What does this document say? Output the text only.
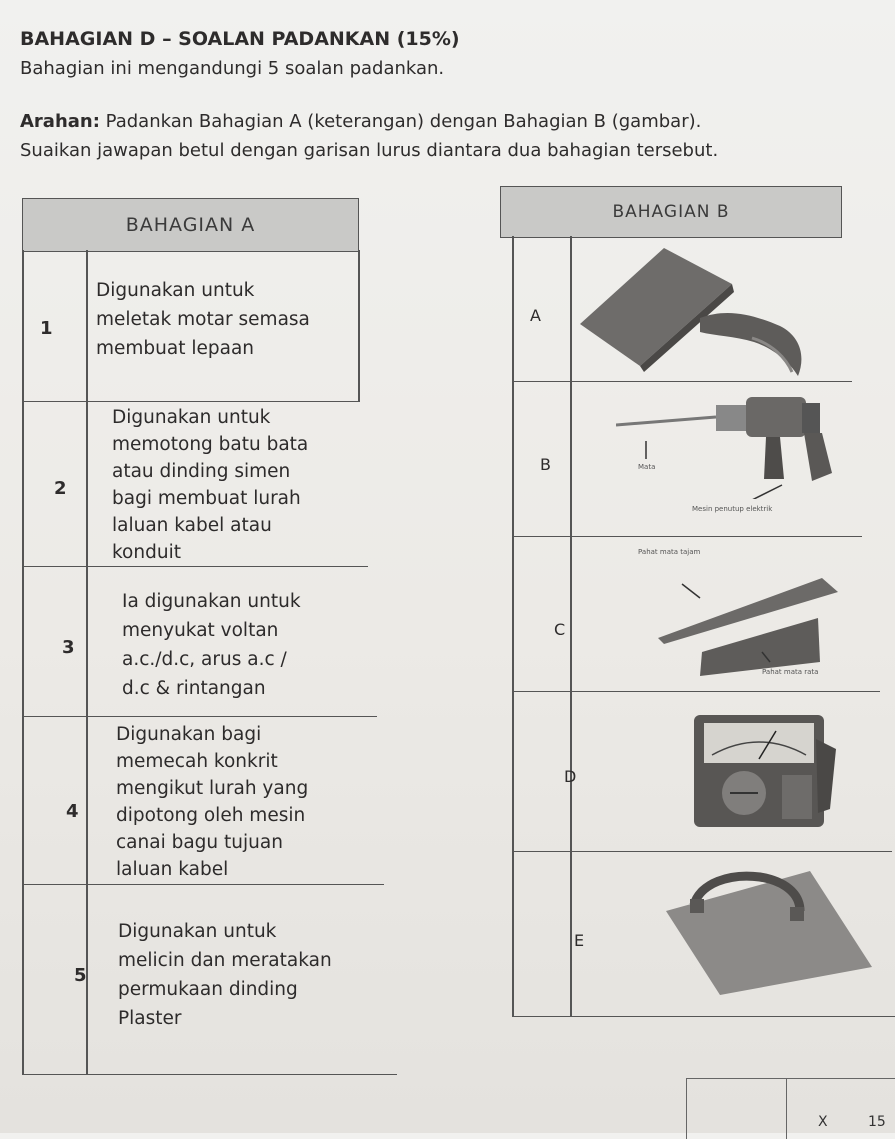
BAHAGIAN D – SOALAN PADANKAN (15%)
Bahagian ini mengandungi 5 soalan padankan.
Arahan: Padankan Bahagian A (keterangan) dengan Bahagian B (gambar).
Suaikan jawapan betul dengan garisan lurus diantara dua bahagian tersebut.
BAHAGIAN A
1
Digunakan untuk
meletak motar semasa
membuat lepaan
2
Digunakan untuk
memotong batu bata
atau dinding simen
bagi membuat lurah
laluan kabel atau
konduit
3
Ia digunakan untuk
menyukat voltan
a.c./d.c, arus a.c /
d.c & rintangan
4
Digunakan bagi
memecah konkrit
mengikut lurah yang
dipotong oleh mesin
canai bagu tujuan
laluan kabel
5
Digunakan untuk
melicin dan meratakan
permukaan dinding
Plaster
BAHAGIAN B
A
B	Mata
Mesin penutup elektrik
C
Pahat mata tajam
Pahat mata rata
D
E
X	15
